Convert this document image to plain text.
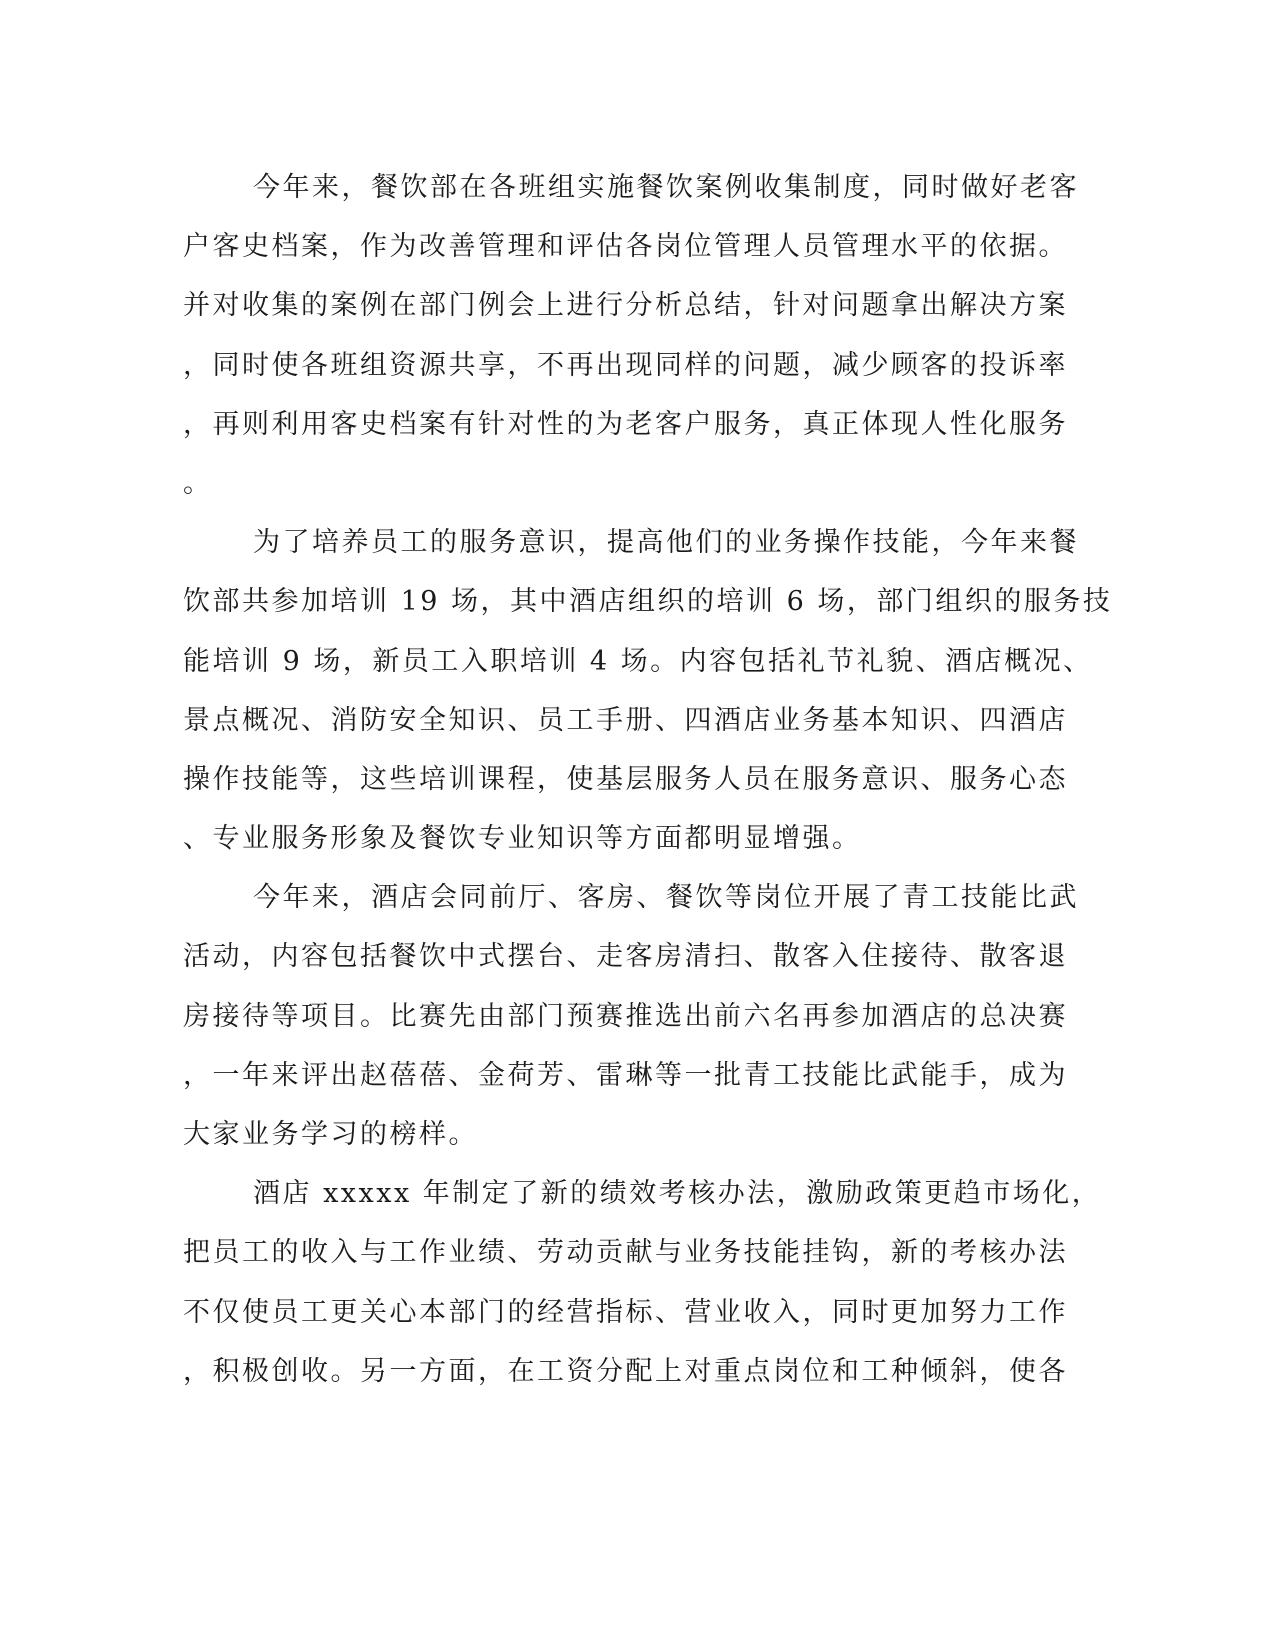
今年来，餐饮部在各班组实施餐饮案例收集制度，同时做好老客
户客史档案，作为改善管理和评估各岗位管理人员管理水平的依据。
并对收集的案例在部门例会上进行分析总结，针对问题拿出解决方案
，同时使各班组资源共享，不再出现同样的问题，减少顾客的投诉率
，再则利用客史档案有针对性的为老客户服务，真正体现人性化服务
。
为了培养员工的服务意识，提高他们的业务操作技能，今年来餐
饮部共参加培训 19 场，其中酒店组织的培训 6 场，部门组织的服务技
能培训 9 场，新员工入职培训 4 场。内容包括礼节礼貌、酒店概况、
景点概况、消防安全知识、员工手册、四酒店业务基本知识、四酒店
操作技能等，这些培训课程，使基层服务人员在服务意识、服务心态
、专业服务形象及餐饮专业知识等方面都明显增强。
今年来，酒店会同前厅、客房、餐饮等岗位开展了青工技能比武
活动，内容包括餐饮中式摆台、走客房清扫、散客入住接待、散客退
房接待等项目。比赛先由部门预赛推选出前六名再参加酒店的总决赛
，一年来评出赵蓓蓓、金荷芳、雷琳等一批青工技能比武能手，成为
大家业务学习的榜样。
酒店 xxxxx 年制定了新的绩效考核办法，激励政策更趋市场化，
把员工的收入与工作业绩、劳动贡献与业务技能挂钩，新的考核办法
不仅使员工更关心本部门的经营指标、营业收入，同时更加努力工作
，积极创收。另一方面，在工资分配上对重点岗位和工种倾斜，使各
